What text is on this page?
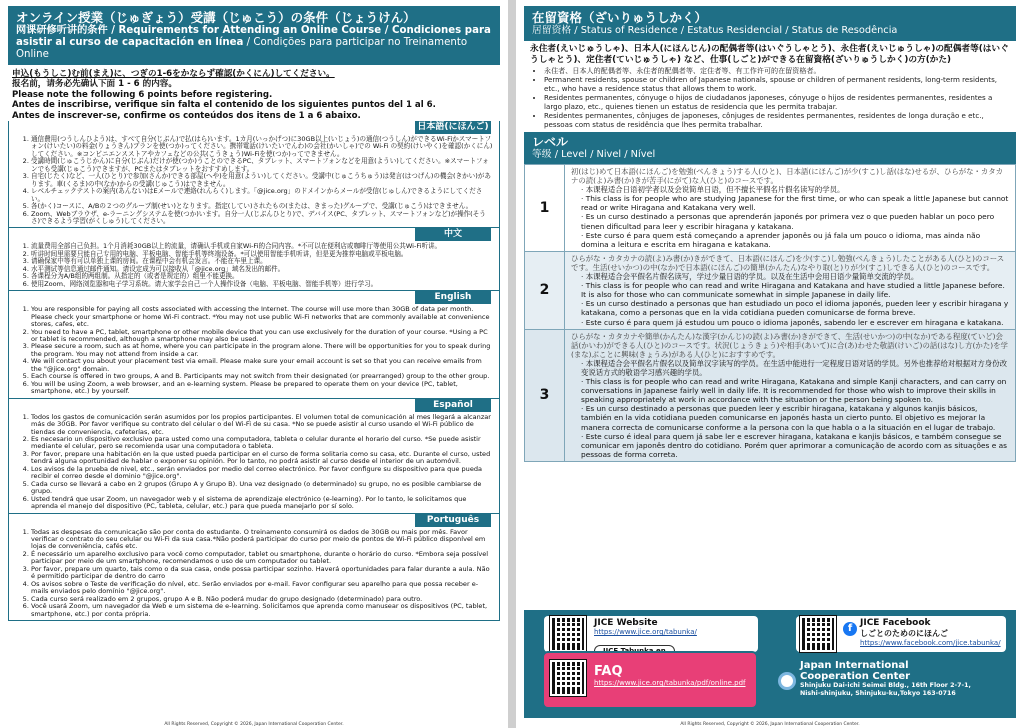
オンライン授業（じゅぎょう）受講（じゅこう）の条件（じょうけん）
网课研修听讲的条件 / Requirements for Attending an Online Course / Condiciones para asistir al curso de capacitación en línea / Condições para participar no Treinamento Online
申込(もうしこ)む前(まえ)に、つぎの1-6をかならず確認(かくにん)してください。
报名前，请务必先确认下面 1 - 6 的内容。
Please note the following 6 points before registering.
Antes de inscribirse, verifique sin falta el contenido de los siguientes puntos del 1 al 6.
Antes de inscrever-se, confirme os conteúdos dos itens de 1 a 6 abaixo.
日本語(にほんご)
1. 通信費用(つうしんひよう)は、すべて自分(じぶん)で払(はら)います。1カ月(いっかげつ)に30GB以上(いじょう)の通信(つうしん)ができるWi-Fiかスマートフォン(けいたい)の料金(りょうきん)プランを使(つか)ってください。携帯電話(けいたいでんわ)の会社(かいしゃ)での Wi-Fi の契約(けいやく)を確認(かくにん)してください。※コンビニエンスストアやカフェなどの公共(こうきょう)Wi-Fiを使(つか)ってできません。
2. 受講時間(じゅこうじかん)に自分(じぶん)だけが使(つか)うことのできるPC、タブレット、スマートフォンなどを用意(ようい)してください。※スマートフォンでも受講(じゅこう)できますが、PCまたはタブレットをおすすめします。
3. 自宅(じたく)など、一人(ひとり)で参加(さんか)できる部屋(へや)を用意(ようい)してください。受講中(じゅこうちゅう)は発言(はつげん)の機会(きかい)があります。車(くるま)の中(なか)からの受講(じゅこう)はできません。
4. レベルチェックテストの案内(あんない)はEメールで連絡(れんらく)します。「@jice.org」のドメインからメールが受信(じゅしん)できるようにしてください。
5. 各(かく)コースに、A/Bの２つのグループ制(せい)となります。指定(してい)されたもの(または、きまった)グループで、受講(じゅこう)はできません。
6. Zoom、Webブラウザ、e-ラーニングシステムを使(つか)います。自分一人(じぶんひとり)で、デバイス(PC、タブレット、スマートフォンなど)が操作(そうさ)できるよう学習(がくしゅう)してください。
中文
1. 流量费用全部自己负担。1个月消耗30GB以上的流量，请确认手机或自家Wi-Fi的合同内容。*不可以在便利店或咖啡厅等使用公共Wi-Fi听讲。
2. 听讲时间里需要只能自己专用的电脑、平板电脑、智能手机等终端设备。*可以使用智能手机听讲，但是更为推荐电脑或平板电脑。
3. 请确保家中等有可以单独上课的房间。在课程中会有机会发言。不能在车里上课。
4. 水平测试等信息通过邮件通知。请设定成为可以接收从「@jice.org」域名发出的邮件。
5. 各课程分为A/B组的两组制。从指定的（或者是规定的）组里不能更换。
6. 使用Zoom、网络浏览器和电子学习系统。请大家学会自己一个人操作设备（电脑、平板电脑、智能手机等）进行学习。
English
1. You are responsible for paying all costs associated with accessing the Internet. The course will use more than 30GB of data per month. Please check your smartphone or home Wi-Fi contract. *You may not use public Wi-Fi networks that are commonly available at convenience stores, cafes, etc.
2. You need to have a PC, tablet, smartphone or other mobile device that you can use exclusively for the duration of your course. *Using a PC or tablet is recommended, although a smartphone may also be used.
3. Please secure a room, such as at home, where you can participate in the program alone. There will be opportunities for you to speak during the program. You may not attend from inside a car.
4. We will contact you about your placement test via email. Please make sure your email account is set so that you can receive emails from the "@jice.org" domain.
5. Each course is offered in two groups, A and B. Participants may not switch from their designated (or prearranged) group to the other group.
6. You will be using Zoom, a web browser, and an e-learning system. Please be prepared to operate them on your device (PC, tablet, smartphone, etc.) by yourself.
Español
1. Todos los gastos de comunicación serán asumidos por los propios participantes. El volumen total de comunicación al mes llegará a alcanzar más de 30GB. Por favor verifique su contrato del celular o del Wi-Fi de su casa. *No se puede asistir al curso usando el Wi-Fi público de tiendas de conveniencia, cafeterías, etc.
2. Es necesario un dispositivo exclusivo para usted como una computadora, tableta o celular durante el horario del curso. *Se puede asistir mediante el celular, pero se recomienda usar una computadora o tableta.
3. Por favor, prepare una habitación en la que usted pueda participar en el curso de forma solitaria como su casa, etc. Durante el curso, usted tendrá alguna oportunidad de hablar o exponer su opinión. Por lo tanto, no podrá asistir al curso desde el interior de un automóvil.
4. Los avisos de la prueba de nivel, etc., serán enviados por medio del correo electrónico. Por favor configure su dispositivo para que pueda recibir el correo desde el dominio "@jice.org".
5. Cada curso se llevará a cabo en 2 grupos (Grupo A y Grupo B). Una vez designado (o determinado) su grupo, no es posible cambiarse de grupo.
6. Usted tendrá que usar Zoom, un navegador web y el sistema de aprendizaje electrónico (e-learning). Por lo tanto, le solicitamos que aprenda el manejo del dispositivo (PC, tableta, celular, etc.) para que pueda manejarlo por sí solo.
Português
1. Todas as despesas da comunicação são por conta do estudante. O treinamento consumirá os dados de 30GB ou mais por mês. Favor verificar o contrato do seu celular ou Wi-Fi da sua casa.*Não poderá participar do curso por meio de pontos de Wi-Fi público disponível em lojas de conveniência, cafés etc.
2. É necessário um aparelho exclusivo para você como computador, tablet ou smartphone, durante o horário do curso. *Embora seja possível participar por meio de um smartphone, recomendamos o uso de um computador ou tablet.
3. Por favor, prepare um quarto, tais como o da sua casa, onde possa participar sozinho. Haverá oportunidades para falar durante a aula. Não é permitido participar de dentro do carro
4. Os avisos sobre o Teste de verificação do nível, etc. Serão enviados por e-mail. Favor configurar seu aparelho para que possa receber e-mails enviados pelo domínio "@jice.org".
5. Cada curso será realizado em 2 grupos, grupo A e B. Não poderá mudar do grupo designado (determinado) para outro.
6. Você usará Zoom, um navegador da Web e um sistema de e-learning. Solicitamos que aprenda como manusear os dispositivos (PC, tablet, smartphone, etc.) por conta própria.
All Rights Reserved, Copyright © 2026, Japan International Cooperation Center.
在留資格（ざいりゅうしかく）
居留资格 / Status of Residence / Estatus Residencial / Status de Resodência
永住者(えいじゅうしゃ)、日本人(にほんじん)の配偶者等(はいぐうしゃとう)、永住者(えいじゅうしゃ)の配偶者等(はいぐうしゃとう)、定住者(ていじゅうしゃ) など、仕事(しごと)ができる在留資格(ざいりゅうしかく)の方(かた)
• 永住者、日本人的配偶者等、永住者的配偶者等、定住者等、有工作许可的在留资格者。
• Permanent residents, spouse or children of Japanese nationals, spouse or children of permanent residents, long-term residents, etc., who have a residence status that allows them to work.
• Residentes permanentes, cónyuge o hijos de ciudadanos japoneses, cónyuge o hijos de residentes permanentes, residentes a largo plazo, etc., quienes tienen un estatus de residencia que les permita trabajar.
• Residentes permanentes, cônjuges de japoneses, cônjuges de residentes permanentes, residentes de longa duração e etc., pessoas com status de residência que lhes permita trabalhar.
レベル
等级 / Level / Nivel / Nível
1
初(はじ)めて日本語(にほんご)を勉強(べんきょう)する人(ひと)、日本語(にほんご)が少(すこ)し話(はな)せるが、ひらがな・カタカナの読(よ)み書(か)きが苦手(にがて)な人(ひと)のコースです。
· 本课程适合日语初学者以及会说简单日语，但不擅长平假名片假名读写的学员。
· This class is for people who are studying Japanese for the first time, or who can speak a little Japanese but cannot read or write Hiragana and Katakana very well.
· Es un curso destinado a personas que aprenderán japonés por primera vez o que pueden hablar un poco pero tienen dificultad para leer y escribir hiragana y katakana.
· Este curso é para quem está começando a aprender japonês ou já fala um pouco o idioma, mas ainda não domina a leitura e escrita em hiragana e katakana.
2
ひらがな・カタカナの読(よ)み書(か)きができて、日本語(にほんご)を少(すこ)し勉強(べんきょう)したことがある人(ひと)のコースです。生活(せいかつ)の中(なか)で日本語(にほんご)の簡単(かんたん)なやり取(と)りが少(すこ)しできる人(ひと)のコースです。
· 本课程适合会平假名片假名读写，学过少量日语的学员。以及在生活中会用日语少量简单交流的学员。
· This class is for people who can read and write Hiragana and Katakana and have studied a little Japanese before. It is also for those who can communicate somewhat in simple Japanese in daily life.
· Es un curso destinado a personas que han estudiado un poco el idioma japonés, pueden leer y escribir hiragana y katakana, como a personas que en la vida cotidiana pueden comunicarse de forma breve.
· Este curso é para quem já estudou um pouco o idioma japonês, sabendo ler e escrever em hiragana e katakana.
3
ひらがな・カタカナや簡単(かんたん)な漢字(かんじ)の読(よ)み書(か)きができて、生活(せいかつ)の中(なか)である程度(ていど)会話(かいわ)ができる人(ひと)のコースです。状況(じょうきょう)や相手(あいて)に合(あ)わせた敬語(けいご)の話(はな)し方(かた)を学(まな)ぶことに興味(きょうみ)がある人(ひと)におすすめです。
· 本课程适合会平假名片假名以及简单汉字读写的学员。在生活中能进行一定程度日语对话的学员。另外也推荐给对根据对方身份改变说话方式的敬语学习感兴趣的学员。
· This class is for people who can read and write Hiragana, Katakana and simple Kanji characters, and can carry on conversations in Japanese fairly well in daily life. It is recommended for those who wish to improve their skills in speaking appropriately at work in accordance with the situation or the person being spoken to.
· Es un curso destinado a personas que pueden leer y escribir hiragana, katakana y algunos kanjis básicos, también en la vida cotidiana pueden comunicarse en japonés hasta un cierto punto. El objetivo es mejorar la manera correcta de comunicarse conforme a la persona con la que habla o a la situación en el lugar de trabajo.
· Este curso é ideal para quem já sabe ler e escrever hiragana, katakana e kanjis básicos, e também consegue se comunicar em japonês dentro do cotidiano. Porém quer aprimorar a comunicação de acordo com as situações e as pessoas de forma correta.
JICE Website
https://www.jice.org/tabunka/	f JICE Facebook
しごとのためのにほんご
https://www.facebook.com/jice.tabunka/
FAQ
https://www.jice.org/tabunka/pdf/online.pdf
Japan International
Cooperation Center
Shinjuku Dai-ichi Seimei Bldg., 16th Floor 2-7-1,
Nishi-shinjuku, Shinjuku-ku,Tokyo 163-0716
All Rights Reserved, Copyright © 2026, Japan International Cooperation Center.
